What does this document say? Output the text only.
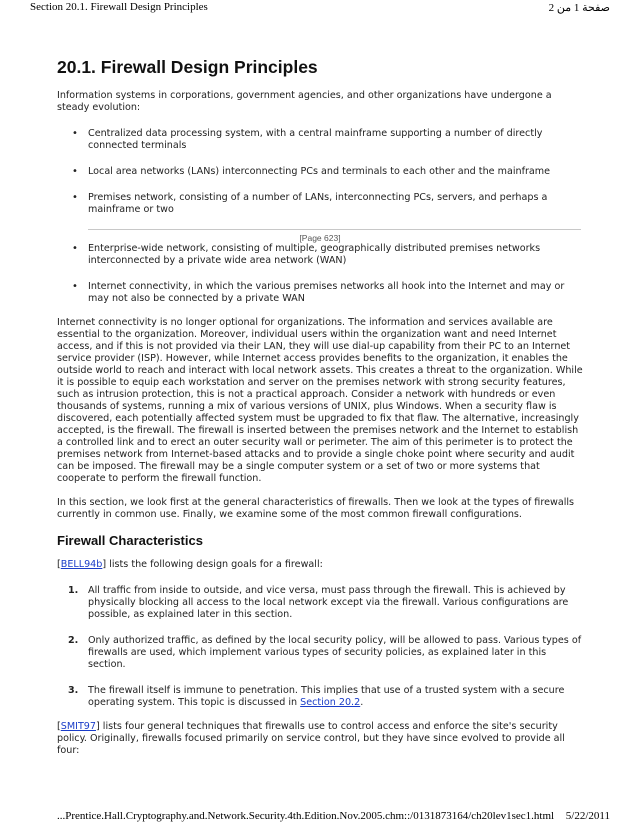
Section 20.1. Firewall Design Principles	صفحة 1 من 2
20.1. Firewall Design Principles

Information systems in corporations, government agencies, and other organizations have undergone a steady evolution:

• Centralized data processing system, with a central mainframe supporting a number of directly connected terminals
• Local area networks (LANs) interconnecting PCs and terminals to each other and the mainframe
• Premises network, consisting of a number of LANs, interconnecting PCs, servers, and perhaps a mainframe or two
[Page 623]
• Enterprise-wide network, consisting of multiple, geographically distributed premises networks interconnected by a private wide area network (WAN)
• Internet connectivity, in which the various premises networks all hook into the Internet and may or may not also be connected by a private WAN

Internet connectivity is no longer optional for organizations. The information and services available are essential to the organization. Moreover, individual users within the organization want and need Internet access, and if this is not provided via their LAN, they will use dial-up capability from their PC to an Internet service provider (ISP). However, while Internet access provides benefits to the organization, it enables the outside world to reach and interact with local network assets. This creates a threat to the organization. While it is possible to equip each workstation and server on the premises network with strong security features, such as intrusion protection, this is not a practical approach. Consider a network with hundreds or even thousands of systems, running a mix of various versions of UNIX, plus Windows. When a security flaw is discovered, each potentially affected system must be upgraded to fix that flaw. The alternative, increasingly accepted, is the firewall. The firewall is inserted between the premises network and the Internet to establish a controlled link and to erect an outer security wall or perimeter. The aim of this perimeter is to protect the premises network from Internet-based attacks and to provide a single choke point where security and audit can be imposed. The firewall may be a single computer system or a set of two or more systems that cooperate to perform the firewall function.

In this section, we look first at the general characteristics of firewalls. Then we look at the types of firewalls currently in common use. Finally, we examine some of the most common firewall configurations.

Firewall Characteristics

[BELL94b] lists the following design goals for a firewall:

1. All traffic from inside to outside, and vice versa, must pass through the firewall. This is achieved by physically blocking all access to the local network except via the firewall. Various configurations are possible, as explained later in this section.
2. Only authorized traffic, as defined by the local security policy, will be allowed to pass. Various types of firewalls are used, which implement various types of security policies, as explained later in this section.
3. The firewall itself is immune to penetration. This implies that use of a trusted system with a secure operating system. This topic is discussed in Section 20.2.

[SMIT97] lists four general techniques that firewalls use to control access and enforce the site's security policy. Originally, firewalls focused primarily on service control, but they have since evolved to provide all four:

...Prentice.Hall.Cryptography.and.Network.Security.4th.Edition.Nov.2005.chm::/0131873164/ch20lev1sec1.html 5/22/2011
